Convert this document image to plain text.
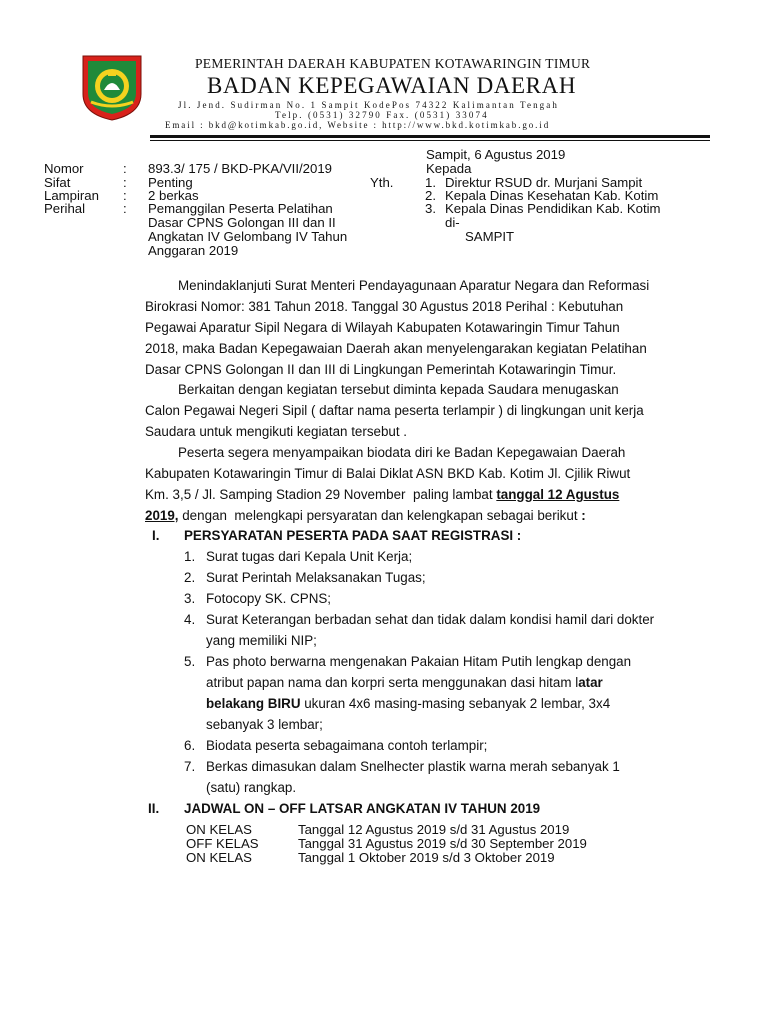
PEMERINTAH DAERAH KABUPATEN KOTAWARINGIN TIMUR
BADAN KEPEGAWAIAN DAERAH
Jl. Jend. Sudirman No. 1 Sampit KodePos 74322 Kalimantan Tengah
Telp. (0531) 32790 Fax. (0531) 33074
Email : bkd@kotimkab.go.id, Website : http://www.bkd.kotimkab.go.id
Sampit, 6 Agustus 2019
Nomor	: 893.3/ 175 / BKD-PKA/VII/2019
Sifat	: Penting
Lampiran : 2 berkas
Perihal	: Pemanggilan Peserta Pelatihan
Dasar CPNS Golongan III dan II
Angkatan IV Gelombang IV Tahun
Anggaran 2019
Kepada
Yth. 1. Direktur RSUD dr. Murjani Sampit
2. Kepala Dinas Kesehatan Kab. Kotim
3. Kepala Dinas Pendidikan Kab. Kotim
di-
SAMPIT
Menindaklanjuti Surat Menteri Pendayagunaan Aparatur Negara dan Reformasi
Birokrasi Nomor: 381 Tahun 2018. Tanggal 30 Agustus 2018 Perihal : Kebutuhan
Pegawai Aparatur Sipil Negara di Wilayah Kabupaten Kotawaringin Timur Tahun
2018, maka Badan Kepegawaian Daerah akan menyelengarakan kegiatan Pelatihan
Dasar CPNS Golongan II dan III di Lingkungan Pemerintah Kotawaringin Timur.
Berkaitan dengan kegiatan tersebut diminta kepada Saudara menugaskan
Calon Pegawai Negeri Sipil ( daftar nama peserta terlampir ) di lingkungan unit kerja
Saudara untuk mengikuti kegiatan tersebut .
Peserta segera menyampaikan biodata diri ke Badan Kepegawaian Daerah
Kabupaten Kotawaringin Timur di Balai Diklat ASN BKD Kab. Kotim Jl. Cjilik Riwut
Km. 3,5 / Jl. Samping Stadion 29 November  paling lambat tanggal 12 Agustus
2019, dengan  melengkapi persyaratan dan kelengkapan sebagai berikut :
I. PERSYARATAN PESERTA PADA SAAT REGISTRASI :
1. Surat tugas dari Kepala Unit Kerja;
2. Surat Perintah Melaksanakan Tugas;
3. Fotocopy SK. CPNS;
4. Surat Keterangan berbadan sehat dan tidak dalam kondisi hamil dari dokter
yang memiliki NIP;
5. Pas photo berwarna mengenakan Pakaian Hitam Putih lengkap dengan
atribut papan nama dan korpri serta menggunakan dasi hitam latar
belakang BIRU ukuran 4x6 masing-masing sebanyak 2 lembar, 3x4
sebanyak 3 lembar;
6. Biodata peserta sebagaimana contoh terlampir;
7. Berkas dimasukan dalam Snelhecter plastik warna merah sebanyak 1
(satu) rangkap.
II. JADWAL ON – OFF LATSAR ANGKATAN IV TAHUN 2019
ON KELAS	Tanggal 12 Agustus 2019 s/d 31 Agustus 2019
OFF KELAS	Tanggal 31 Agustus 2019 s/d 30 September 2019
ON KELAS	Tanggal 1 Oktober 2019 s/d 3 Oktober 2019
